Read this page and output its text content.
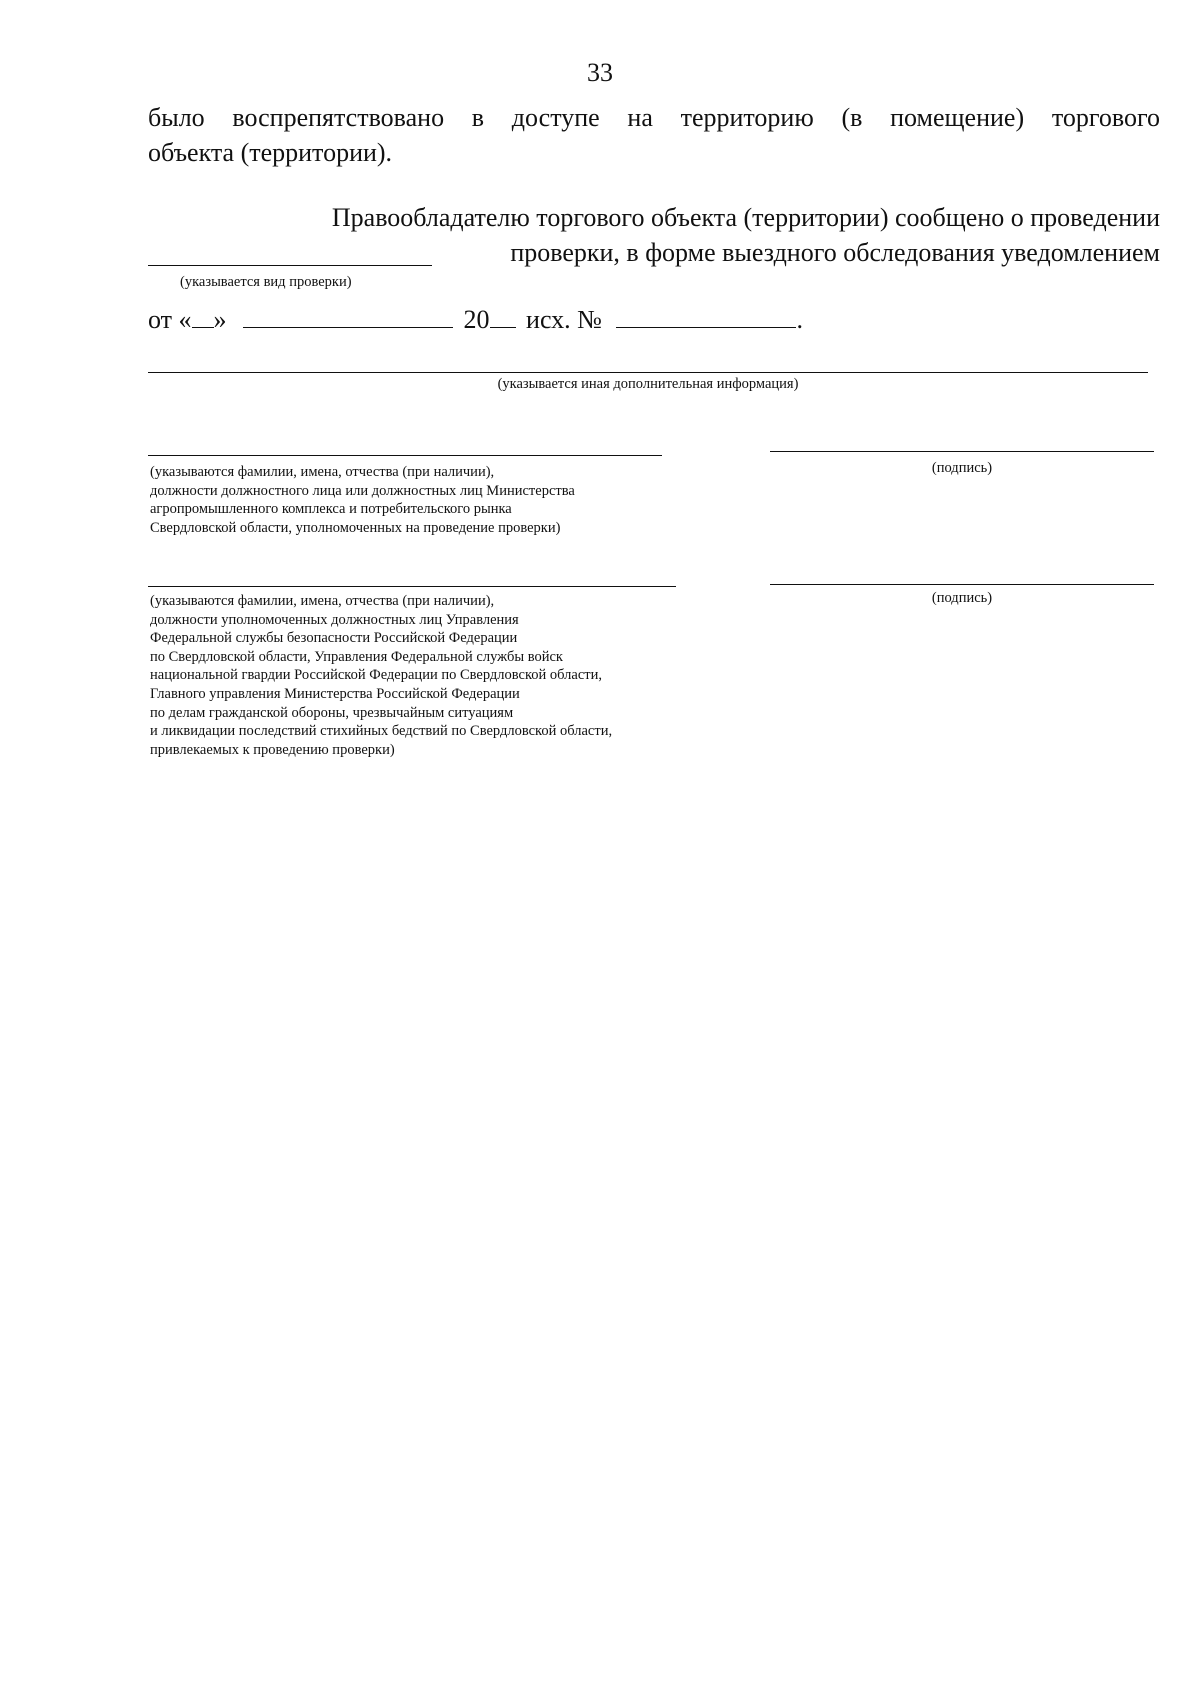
33
было воспрепятствовано в доступе на территорию (в помещение) торгового
объекта (территории).
Правообладателю торгового объекта (территории) сообщено о проведении
проверки, в форме выездного обследования уведомлением
(указывается вид проверки)
от « »	20 исх. №	.
(указывается иная дополнительная информация)
(указываются фамилии, имена, отчества (при наличии),
должности должностного лица или должностных лиц Министерства
агропромышленного комплекса и потребительского рынка
Свердловской области, уполномоченных на проведение проверки)
(подпись)
(указываются фамилии, имена, отчества (при наличии),
должности уполномоченных должностных лиц Управления
Федеральной службы безопасности Российской Федерации
по Свердловской области, Управления Федеральной службы войск
национальной гвардии Российской Федерации по Свердловской области,
Главного управления Министерства Российской Федерации
по делам гражданской обороны, чрезвычайным ситуациям
и ликвидации последствий стихийных бедствий по Свердловской области,
привлекаемых к проведению проверки)
(подпись)
